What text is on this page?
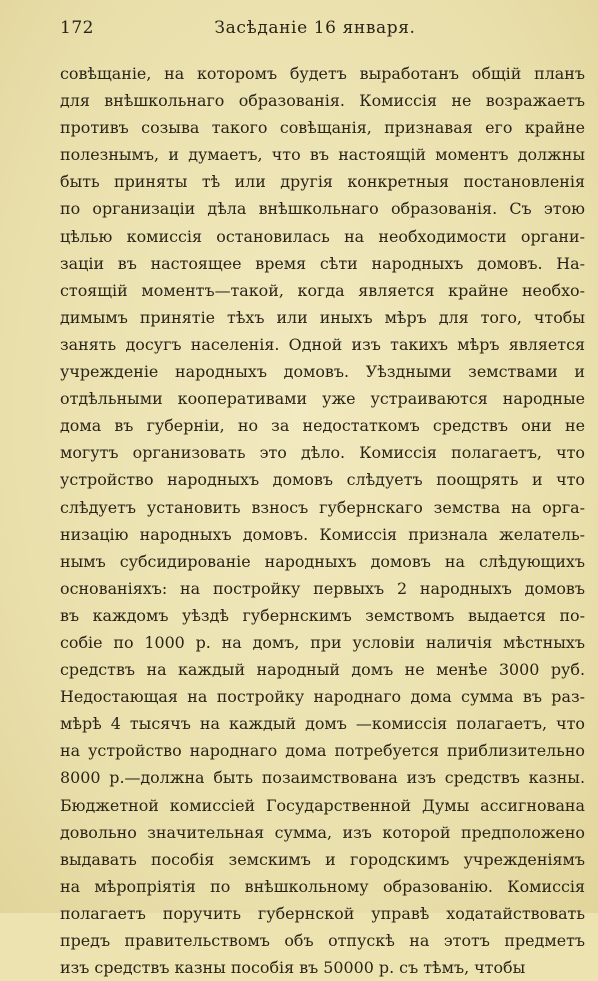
172	Засѣданіе 16 января.
совѣщаніе, на которомъ будетъ выработанъ общій планъ
для внѣшкольнаго образованія. Комиссія не возражаетъ
противъ созыва такого совѣщанія, признавая его крайне
полезнымъ, и думаетъ, что въ настоящій моментъ должны
быть приняты тѣ или другія конкретныя постановленія
по организаціи дѣла внѣшкольнаго образованія. Съ этою
цѣлью комиссія остановилась на необходимости органи-
заціи въ настоящее время сѣти народныхъ домовъ. На-
стоящій моментъ—такой, когда является крайне необхо-
димымъ принятіе тѣхъ или иныхъ мѣръ для того, чтобы
занять досугъ населенія. Одной изъ такихъ мѣръ является
учрежденіе народныхъ домовъ. Уѣздными земствами и
отдѣльными кооперативами уже устраиваются народные
дома въ губерніи, но за недостаткомъ средствъ они не
могутъ организовать это дѣло. Комиссія полагаетъ, что
устройство народныхъ домовъ слѣдуетъ поощрять и что
слѣдуетъ установить взносъ губернскаго земства на орга-
низацію народныхъ домовъ. Комиссія признала желатель-
нымъ субсидированіе народныхъ домовъ на слѣдующихъ
основаніяхъ: на постройку первыхъ 2 народныхъ домовъ
въ каждомъ уѣздѣ губернскимъ земствомъ выдается по-
собіе по 1000 р. на домъ, при условіи наличія мѣстныхъ
средствъ на каждый народный домъ не менѣе 3000 руб.
Недостающая на постройку народнаго дома сумма въ раз-
мѣрѣ 4 тысячъ на каждый домъ —комиссія полагаетъ, что
на устройство народнаго дома потребуется приблизительно
8000 р.—должна быть позаимствована изъ средствъ казны.
Бюджетной комиссіей Государственной Думы ассигнована
довольно значительная сумма, изъ которой предположено
выдавать пособія земскимъ и городскимъ учрежденіямъ
на мѣропріятія по внѣшкольному образованію. Комиссія
полагаетъ поручить губернской управѣ ходатайствовать
предъ правительствомъ объ отпускѣ на этотъ предметъ
изъ средствъ казны пособія въ 50000 р. съ тѣмъ, чтобы
